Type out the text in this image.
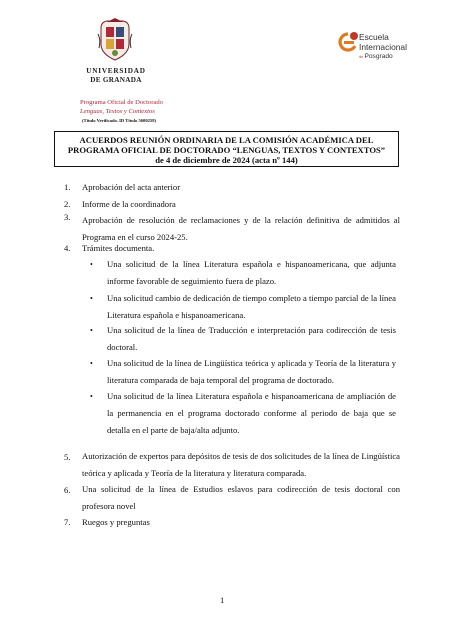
UNIVERSIDAD
DE GRANADA
Programa Oficial de Doctorado
Lenguas, Textos y Contextos
(Título Verificado. ID Título 5600258)
Escuela
Internacional
dePosgrado
ACUERDOS REUNIÓN ORDINARIA DE LA COMISIÓN ACADÉMICA DEL
PROGRAMA OFICIAL DE DOCTORADO “LENGUAS, TEXTOS Y CONTEXTOS”
de 4 de diciembre de 2024 (acta nº 144)
1.	Aprobación del acta anterior
2.	Informe de la coordinadora
3.	Aprobación de resolución de reclamaciones y de la relación definitiva de admitidos al Programa en el curso 2024-25.
4.	Trámites documenta.
• Una solicitud de la línea Literatura española e hispanoamericana, que adjunta informe favorable de seguimiento fuera de plazo.
• Una solicitud cambio de dedicación de tiempo completo a tiempo parcial de la línea Literatura española e hispanoamericana.
• Una solicitud de la línea de Traducción e interpretación para codirección de tesis doctoral.
• Una solicitud de la línea de Lingüística teórica y aplicada y Teoría de la literatura y literatura comparada de baja temporal del programa de doctorado.
• Una solicitud de la línea Literatura española e hispanoamericana de ampliación de la permanencia en el programa doctorado conforme al periodo de baja que se detalla en el parte de baja/alta adjunto.
5.	Autorización de expertos para depósitos de tesis de dos solicitudes de la línea de Lingüística teórica y aplicada y Teoría de la literatura y literatura comparada.
6.	Una solicitud de la línea de Estudios eslavos para codirección de tesis doctoral con profesora novel
7.	Ruegos y preguntas
1
